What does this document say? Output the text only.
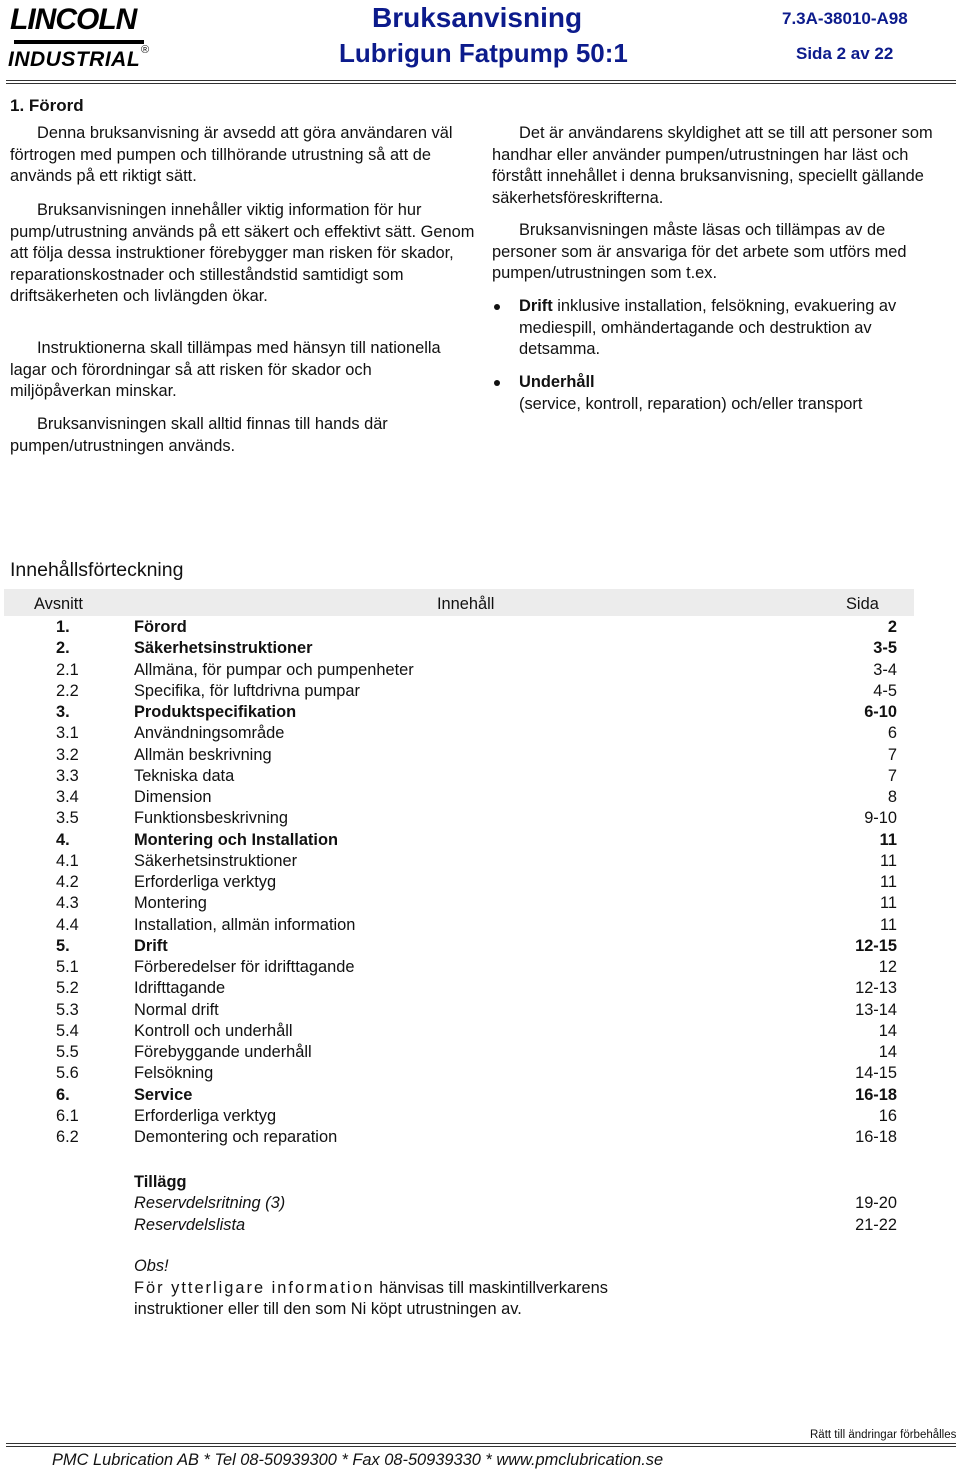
LINCOLN
INDUSTRIAL ®
Bruksanvisning
Lubrigun Fatpump 50:1
7.3A-38010-A98
Sida 2 av 22
1. Förord

Denna bruksanvisning är avsedd att göra användaren väl förtrogen med pumpen och tillhörande utrustning så att de används på ett riktigt sätt.

Bruksanvisningen innehåller viktig information för hur pump/utrustning används på ett säkert och effektivt sätt. Genom att följa dessa instruktioner förebygger man risken för skador, reparationskostnader och stilleståndstid samtidigt som driftsäkerheten och livlängden ökar.

Instruktionerna skall tillämpas med hänsyn till nationella lagar och förordningar så att risken för skador och miljöpåverkan minskar.

Bruksanvisningen skall alltid finnas till hands där pumpen/utrustningen används.

Det är användarens skyldighet att se till att personer som handhar eller använder pumpen/utrustningen har läst och förstått innehållet i denna bruksanvisning, speciellt gällande säkerhetsföreskrifterna.

Bruksanvisningen måste läsas och tillämpas av de personer som är ansvariga för det arbete som utförs med pumpen/utrustningen som t.ex.

Drift inklusive installation, felsökning, evakuering av mediespill, omhändertagande och destruktion av detsamma.
Underhåll
(service, kontroll, reparation) och/eller transport
Innehållsförteckning
Avsnitt	Innehåll	Sida
1.	Förord	2
2.	Säkerhetsinstruktioner	3-5
2.1	Allmäna, för pumpar och pumpenheter	3-4
2.2	Specifika, för luftdrivna pumpar	4-5
3.	Produktspecifikation	6-10
3.1	Användningsområde	6
3.2	Allmän beskrivning	7
3.3	Tekniska data	7
3.4	Dimension	8
3.5	Funktionsbeskrivning	9-10
4.	Montering och Installation	11
4.1	Säkerhetsinstruktioner	11
4.2	Erforderliga verktyg	11
4.3	Montering	11
4.4	Installation, allmän information	11
5.	Drift	12-15
5.1	Förberedelser för idrifttagande	12
5.2	Idrifttagande	12-13
5.3	Normal drift	13-14
5.4	Kontroll och underhåll	14
5.5	Förebyggande underhåll	14
5.6	Felsökning	14-15
6.	Service	16-18
6.1	Erforderliga verktyg	16
6.2	Demontering och reparation	16-18
Tillägg
Reservdelsritning (3)	19-20
Reservdelslista	21-22
Obs!
För ytterligare information hänvisas till maskintillverkarens
instruktioner eller till den som Ni köpt utrustningen av.
Rätt till ändringar förbehålles
PMC Lubrication AB * Tel 08-50939300 * Fax 08-50939330 * www.pmclubrication.se
